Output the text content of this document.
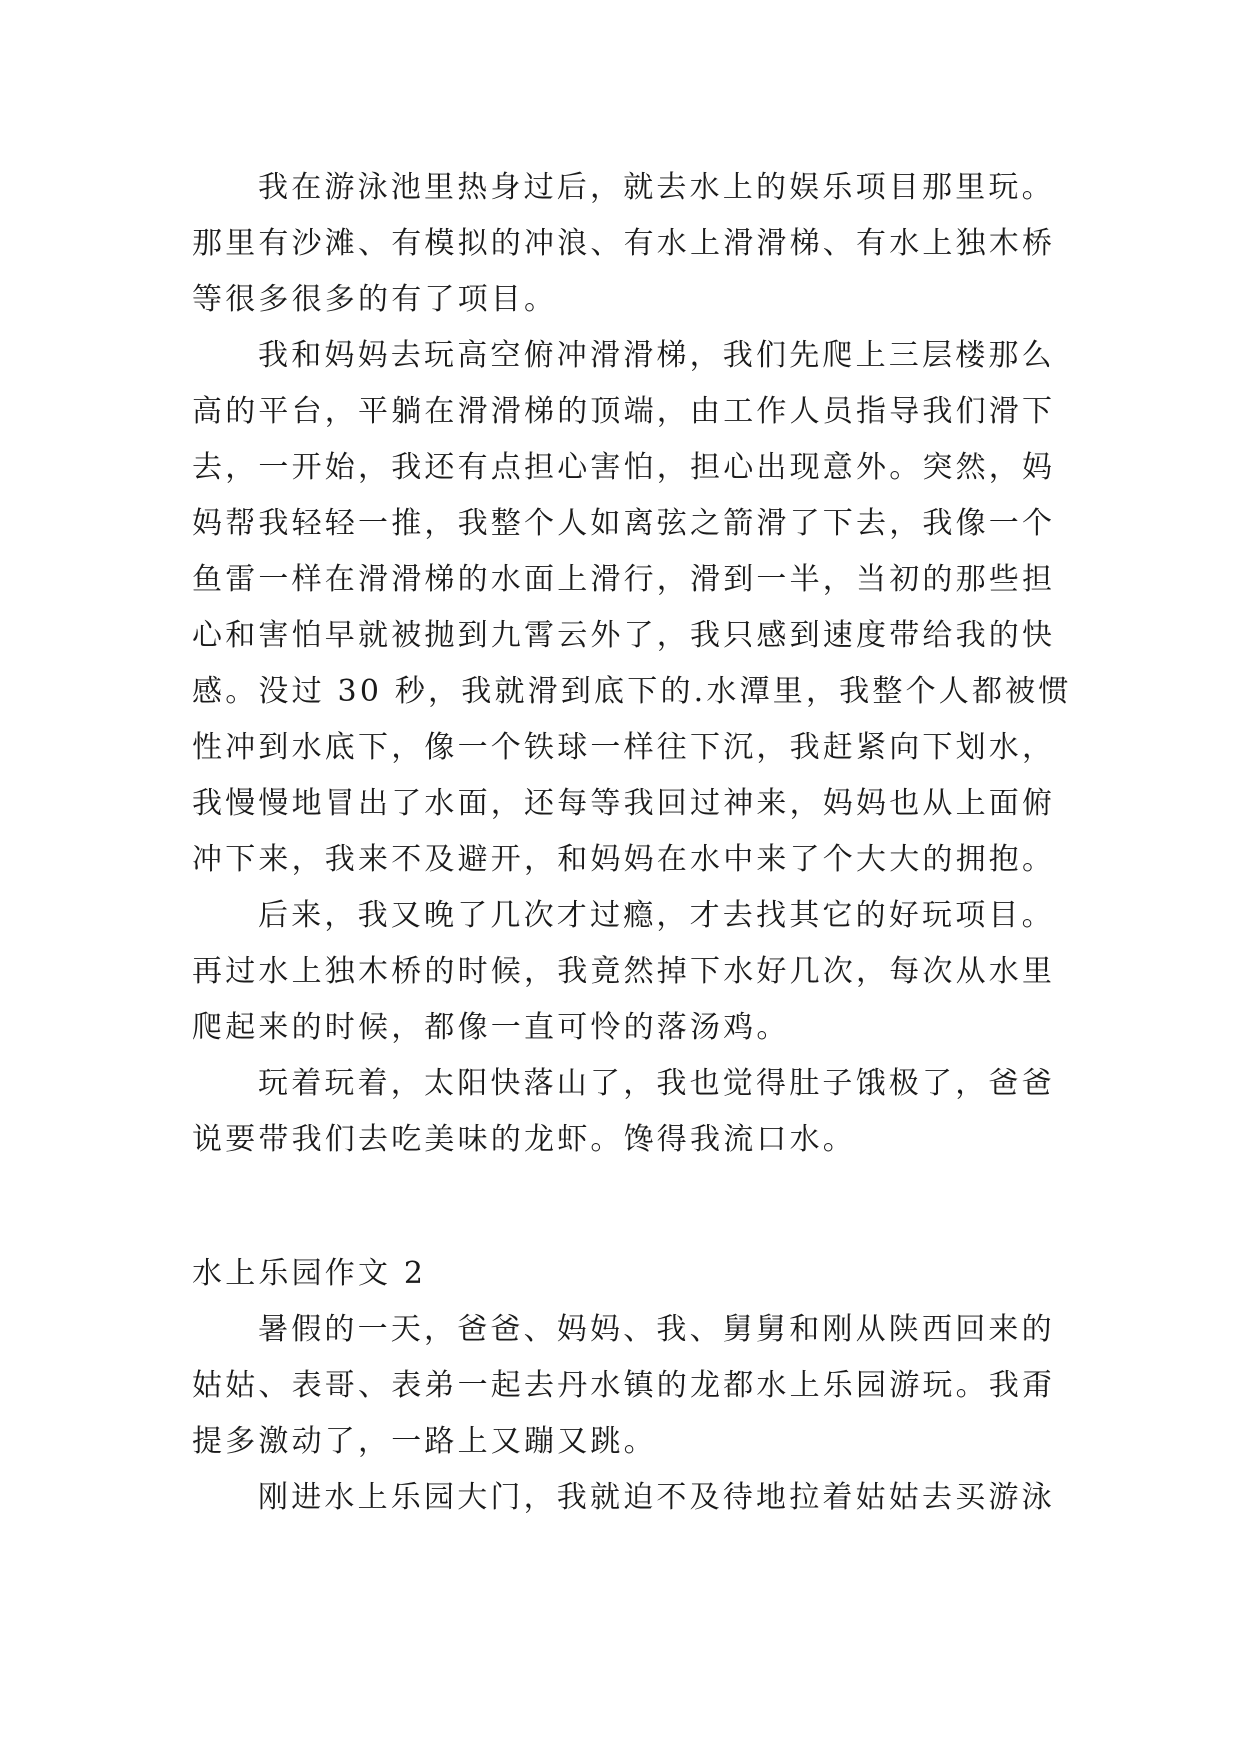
我在游泳池里热身过后，就去水上的娱乐项目那里玩。
那里有沙滩、有模拟的冲浪、有水上滑滑梯、有水上独木桥
等很多很多的有了项目。
我和妈妈去玩高空俯冲滑滑梯，我们先爬上三层楼那么
高的平台，平躺在滑滑梯的顶端，由工作人员指导我们滑下
去，一开始，我还有点担心害怕，担心出现意外。突然，妈
妈帮我轻轻一推，我整个人如离弦之箭滑了下去，我像一个
鱼雷一样在滑滑梯的水面上滑行，滑到一半，当初的那些担
心和害怕早就被抛到九霄云外了，我只感到速度带给我的快
感。没过 30 秒，我就滑到底下的.水潭里，我整个人都被惯
性冲到水底下，像一个铁球一样往下沉，我赶紧向下划水，
我慢慢地冒出了水面，还每等我回过神来，妈妈也从上面俯
冲下来，我来不及避开，和妈妈在水中来了个大大的拥抱。
后来，我又晚了几次才过瘾，才去找其它的好玩项目。
再过水上独木桥的时候，我竟然掉下水好几次，每次从水里
爬起来的时候，都像一直可怜的落汤鸡。
玩着玩着，太阳快落山了，我也觉得肚子饿极了，爸爸
说要带我们去吃美味的龙虾。馋得我流口水。
水上乐园作文 2
暑假的一天，爸爸、妈妈、我、舅舅和刚从陕西回来的
姑姑、表哥、表弟一起去丹水镇的龙都水上乐园游玩。我甭
提多激动了，一路上又蹦又跳。
刚进水上乐园大门，我就迫不及待地拉着姑姑去买游泳
